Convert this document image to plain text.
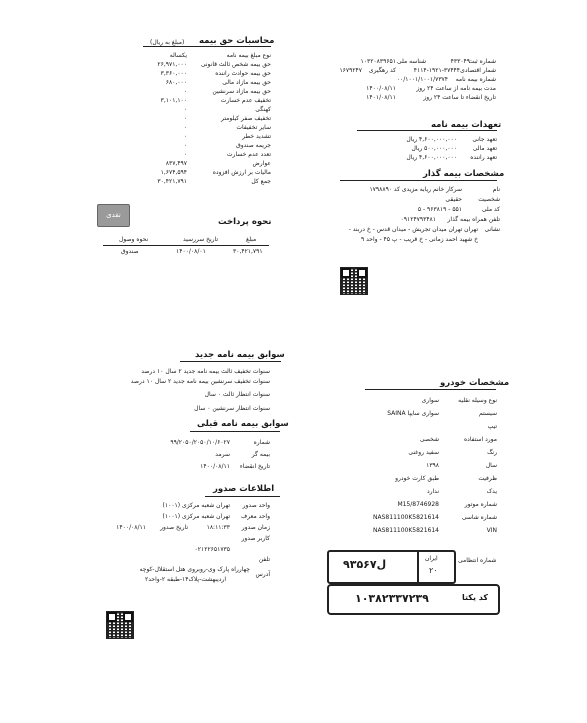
محاسبات حق بیمه
(مبلغ به ریال)
نوع مبلغ بیمه نامه
یکساله
حق بیمه شخص ثالث قانونی
۲۶,۹۷۱,۰۰۰
حق بیمه حوادث راننده
۳,۳۶۰,۰۰۰
حق بیمه مازاد مالی
۶۸۰,۰۰۰
حق بیمه مازاد سرنشین
۰
تخفیف عدم خسارت
۳,۱۰۱,۱۰۰
کهنگی
۰
تخفیف صفر کیلومتر
۰
سایر تخفیفات
۰
تشدید خطر
۰
جریمه صندوق
۰
تعدد عدم خسارت
۰
عوارض
۸۳۷,۴۹۷
مالیات بر ارزش افزوده
۱,۶۷۴,۵۹۴
جمع کل
۳۰,۴۲۱,۷۹۱
نقدی
نحوه پرداخت
مبلغ
تاریخ سررسید
نحوه وصول
۳۰,۴۲۱,۷۹۱
۱۴۰۰/۰۸/۰۱
صندوق
شماره ثبت
۴۳۳۰۴۹
شناسه ملی
۱۰۳۲۰۸۳۹۶۵۱
شمار اقتصادی
۴۱۱۴-۱۹۲۱-۳۷۴۴۴
کد رهگیری
۱۶۷۹۲۴۷
شماره بیمه نامه
۰۰/۱۰۰۱/۱۰۰۱/۷۳۷۴
مدت بیمه نامه از ساعت ۲۴ روز
۱۴۰۰/۰۸/۱۱
تاریخ انقضاء تا ساعت ۲۴ روز
۱۴۰۱/۰۸/۱۱
تعهدات بیمه نامه
تعهد جانی
۴,۶۰۰,۰۰۰,۰۰۰ ریال
تعهد مالی
۵۰۰,۰۰۰,۰۰۰ ریال
تعهد راننده
۴,۶۰۰,۰۰۰,۰۰۰ ریال
مشخصات بیمه گذار
نام
سرکار خانم ریابه مزیدی کد ۱۷۹۸۸۹۰
شخصیت
حقیقی
کد ملی
۵ - ۹۶۳۸۱۹ - ۵۵۱
تلفن همراه بیمه گذار
۰۹۱۲۴۷۹۳۴۸۱
نشانی
تهران تهران میدان تجریش - میدان قدس - خ دربند -
خ شهید احمد زمانی - خ قریب - پ ۴۵ - واحد ۹
سوابق بیمه نامه جدید
سنوات تخفیف ثالث بیمه نامه جدید ۲ سال ۱۰ درصد
سنوات تخفیف سرنشین بیمه نامه جدید ۲ سال ۱۰ درصد
سنوات انتظار ثالث ۰ سال
سنوات انتظار سرنشین ۰ سال
سوابق بیمه نامه قبلی
شماره
۹۹/۲۰۵۰/۲۰۵۰/۱۰/۶۰۲۷
بیمه گر
سرمد
تاریخ انقضاء
۱۴۰۰/۰۸/۱۱
اطلاعات صدور
واحد صدور
تهران شعبه مرکزی (۱۰۰۱)
واحد معرف
تهران شعبه مرکزی (۱۰۰۱)
زمان صدور
۱۸:۱۱:۳۳
تاریخ صدور
۱۴۰۰/۰۸/۱۱
کاربر صدور
۰۲۱۲۲۶۵۱۷۳۵
تلفن
آدرس
چهارراه پارک وی-روبروی هتل استقلال-کوچه
اردیبهشت-پلاک۱۴-طبقه ۲-واحد۲
مشخصات خودرو
نوع وسیله نقلیه
سواری
سیستم
سواری سایپا SAINA
تیپ
مورد استفاده
شخصی
رنگ
سفید روغنی
سال
۱۳۹۸
ظرفیت
طبق کارت خودرو
یدک
ندارد
شماره موتور
M15/8746928
شماره شاسی
NAS811100K5821614
VIN
NAS811100K5821614
شماره انتظامی
۹۳ل۵۶۷	ایران
۲۰
۱۰۳۸۲۳۳۷۲۳۹	کد یکتا
